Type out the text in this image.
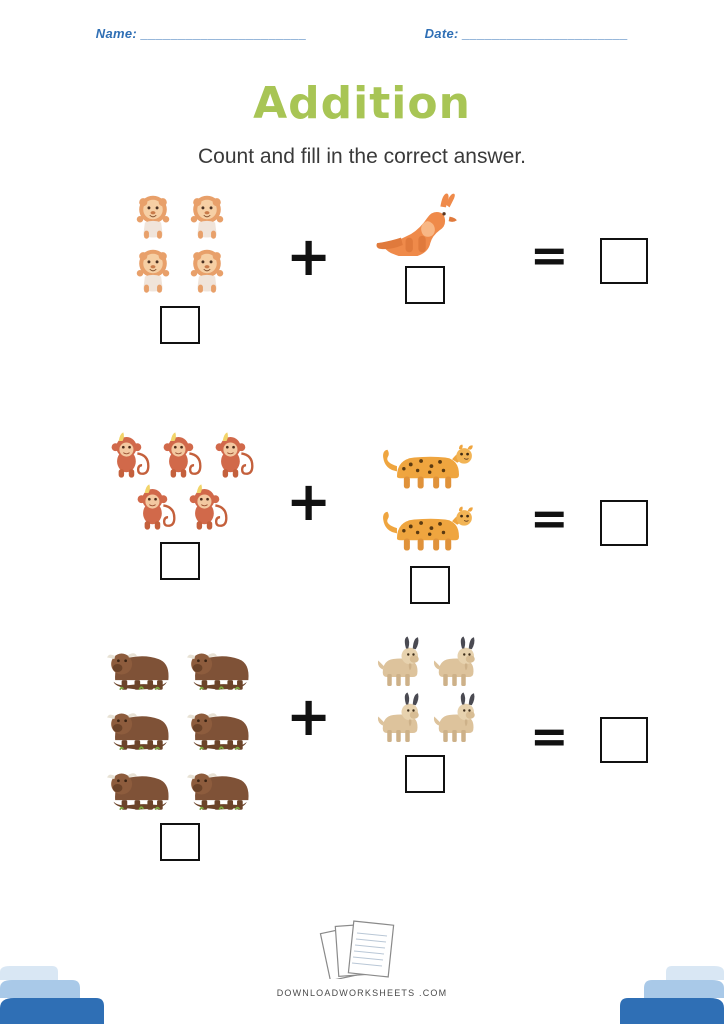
Name: ______________________	Date: ______________________
Addition
Count and fill in the correct answer.
+	=
+	=
+	=
DOWNLOADWORKSHEETS .COM
